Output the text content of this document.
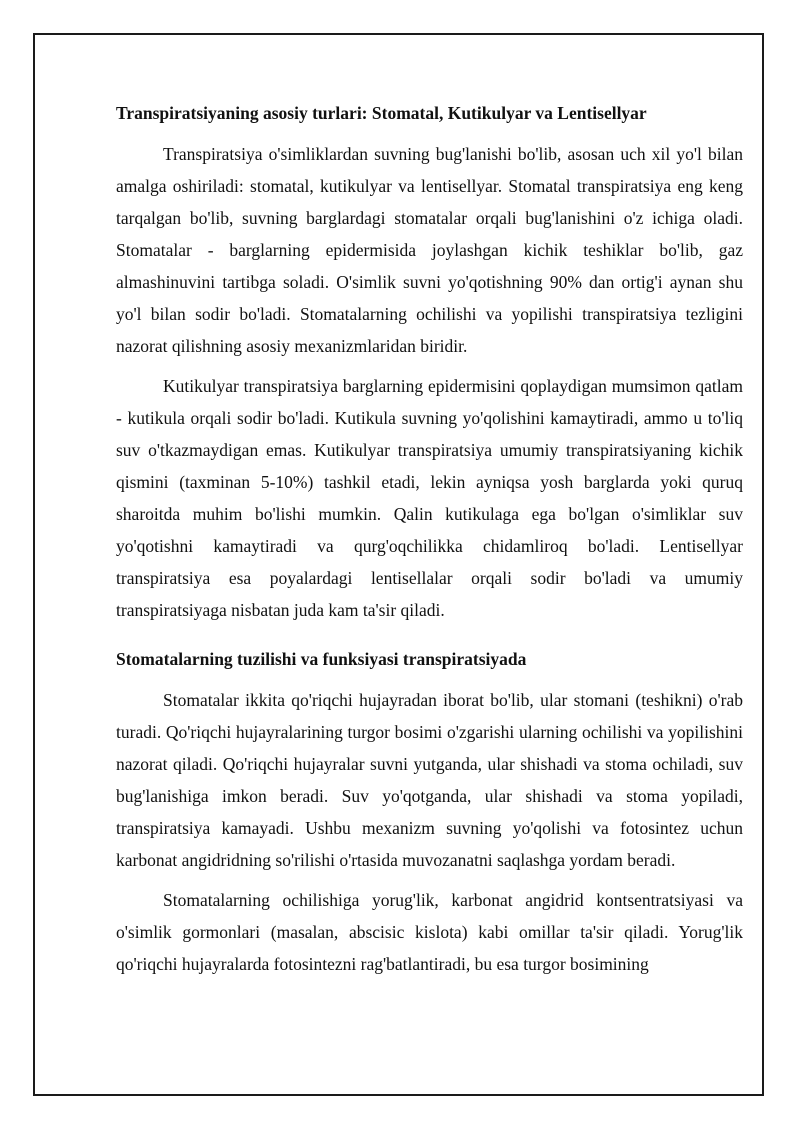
Transpiratsiyaning asosiy turlari: Stomatal, Kutikulyar va Lentisellyar

Transpiratsiya o'simliklardan suvning bug'lanishi bo'lib, asosan uch xil yo'l bilan amalga oshiriladi: stomatal, kutikulyar va lentisellyar. Stomatal transpiratsiya eng keng tarqalgan bo'lib, suvning barglardagi stomatalar orqali bug'lanishini o'z ichiga oladi. Stomatalar - barglarning epidermisida joylashgan kichik teshiklar bo'lib, gaz almashinuvini tartibga soladi. O'simlik suvni yo'qotishning 90% dan ortig'i aynan shu yo'l bilan sodir bo'ladi. Stomatalarning ochilishi va yopilishi transpiratsiya tezligini nazorat qilishning asosiy mexanizmlaridan biridir.

Kutikulyar transpiratsiya barglarning epidermisini qoplaydigan mumsimon qatlam - kutikula orqali sodir bo'ladi. Kutikula suvning yo'qolishini kamaytiradi, ammo u to'liq suv o'tkazmaydigan emas. Kutikulyar transpiratsiya umumiy transpiratsiyaning kichik qismini (taxminan 5-10%) tashkil etadi, lekin ayniqsa yosh barglarda yoki quruq sharoitda muhim bo'lishi mumkin. Qalin kutikulaga ega bo'lgan o'simliklar suv yo'qotishni kamaytiradi va qurg'oqchilikka chidamliroq bo'ladi. Lentisellyar transpiratsiya esa poyalardagi lentisellalar orqali sodir bo'ladi va umumiy transpiratsiyaga nisbatan juda kam ta'sir qiladi.

Stomatalarning tuzilishi va funksiyasi transpiratsiyada

Stomatalar ikkita qo'riqchi hujayradan iborat bo'lib, ular stomani (teshikni) o'rab turadi. Qo'riqchi hujayralarining turgor bosimi o'zgarishi ularning ochilishi va yopilishini nazorat qiladi. Qo'riqchi hujayralar suvni yutganda, ular shishadi va stoma ochiladi, suv bug'lanishiga imkon beradi. Suv yo'qotganda, ular shishadi va stoma yopiladi, transpiratsiya kamayadi. Ushbu mexanizm suvning yo'qolishi va fotosintez uchun karbonat angidridning so'rilishi o'rtasida muvozanatni saqlashga yordam beradi.

Stomatalarning ochilishiga yorug'lik, karbonat angidrid kontsentratsiyasi va o'simlik gormonlari (masalan, abscisic kislota) kabi omillar ta'sir qiladi. Yorug'lik qo'riqchi hujayralarda fotosintezni rag'batlantiradi, bu esa turgor bosimining
